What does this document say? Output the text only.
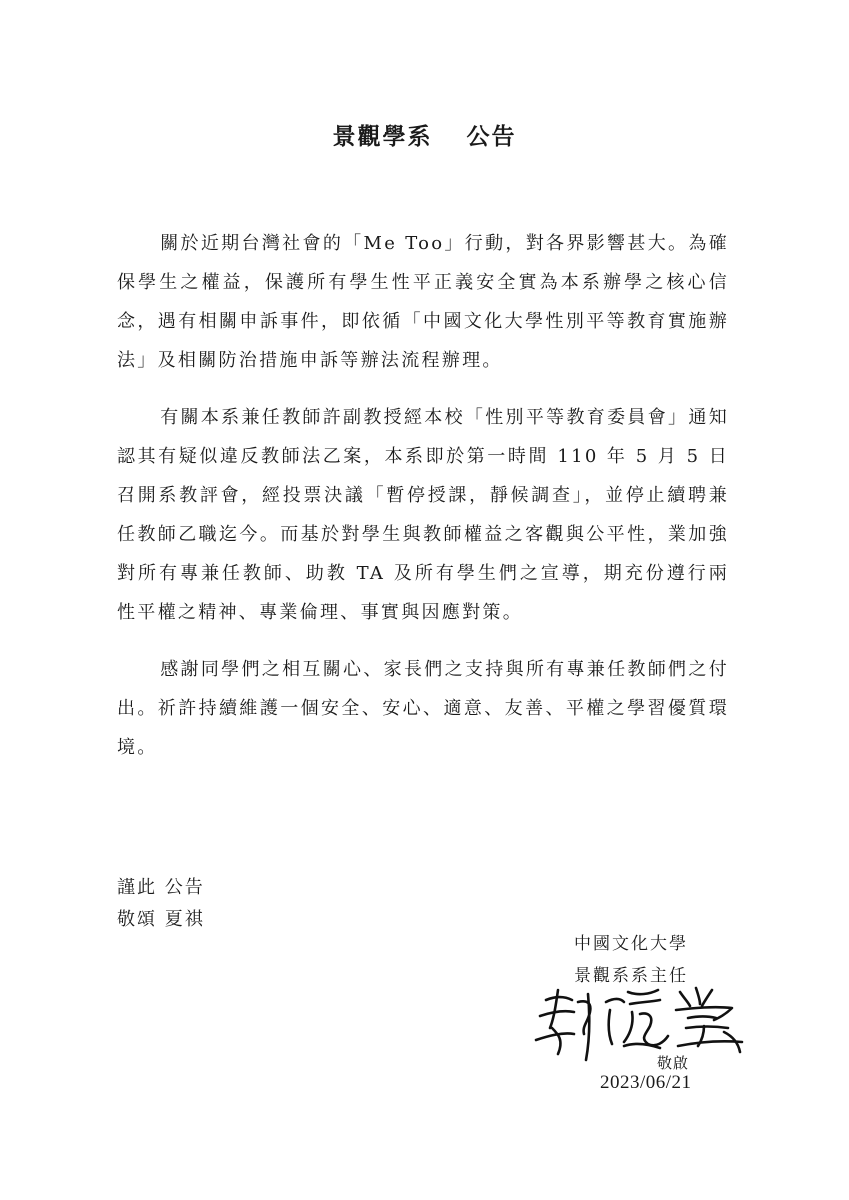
景觀學系 公告

關於近期台灣社會的「Me Too」行動，對各界影響甚大。為確保學生之權益，保護所有學生性平正義安全實為本系辦學之核心信念，遇有相關申訴事件，即依循「中國文化大學性別平等教育實施辦法」及相關防治措施申訴等辦法流程辦理。

有關本系兼任教師許副教授經本校「性別平等教育委員會」通知認其有疑似違反教師法乙案，本系即於第一時間 110 年 5 月 5 日召開系教評會，經投票決議「暫停授課，靜候調查」，並停止續聘兼任教師乙職迄今。而基於對學生與教師權益之客觀與公平性，業加強對所有專兼任教師、助教 TA 及所有學生們之宣導，期充份遵行兩性平權之精神、專業倫理、事實與因應對策。

感謝同學們之相互關心、家長們之支持與所有專兼任教師們之付出。祈許持續維護一個安全、安心、適意、友善、平權之學習優質環境。

謹此 公告
敬頌 夏祺
中國文化大學
景觀系系主任
敬啟
2023/06/21
